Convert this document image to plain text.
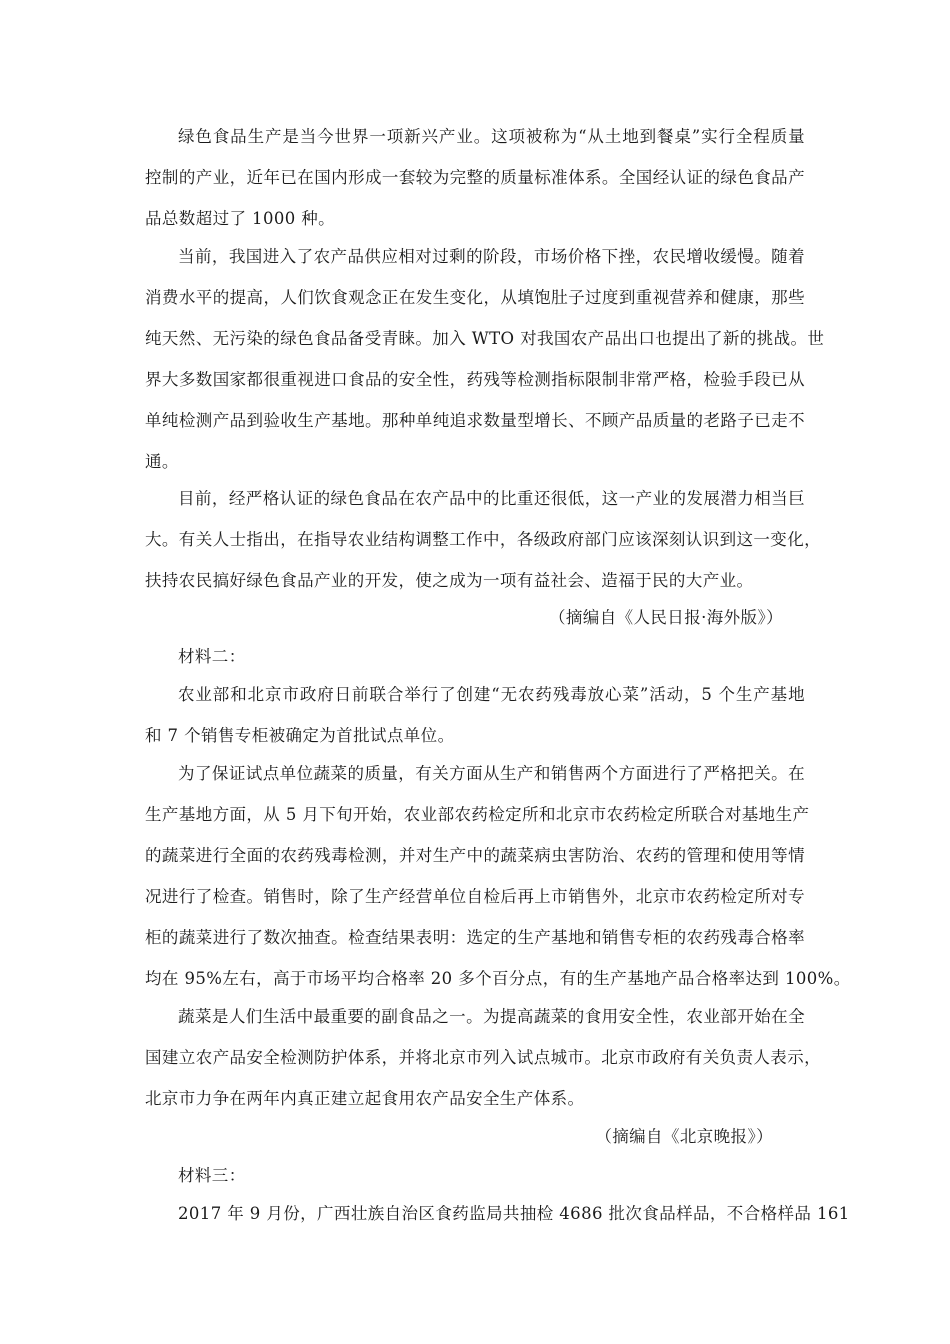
绿色食品生产是当今世界一项新兴产业。这项被称为“从土地到餐桌”实行全程质量
控制的产业，近年已在国内形成一套较为完整的质量标准体系。全国经认证的绿色食品产
品总数超过了 1000 种。
当前，我国进入了农产品供应相对过剩的阶段，市场价格下挫，农民增收缓慢。随着
消费水平的提高，人们饮食观念正在发生变化，从填饱肚子过度到重视营养和健康，那些
纯天然、无污染的绿色食品备受青睐。加入 WTO 对我国农产品出口也提出了新的挑战。世
界大多数国家都很重视进口食品的安全性，药残等检测指标限制非常严格，检验手段已从
单纯检测产品到验收生产基地。那种单纯追求数量型增长、不顾产品质量的老路子已走不
通。
目前，经严格认证的绿色食品在农产品中的比重还很低，这一产业的发展潜力相当巨
大。有关人士指出，在指导农业结构调整工作中，各级政府部门应该深刻认识到这一变化，
扶持农民搞好绿色食品产业的开发，使之成为一项有益社会、造福于民的大产业。
（摘编自《人民日报·海外版》）
材料二：
农业部和北京市政府日前联合举行了创建“无农药残毒放心菜”活动，5 个生产基地
和 7 个销售专柜被确定为首批试点单位。
为了保证试点单位蔬菜的质量，有关方面从生产和销售两个方面进行了严格把关。在
生产基地方面，从 5 月下旬开始，农业部农药检定所和北京市农药检定所联合对基地生产
的蔬菜进行全面的农药残毒检测，并对生产中的蔬菜病虫害防治、农药的管理和使用等情
况进行了检查。销售时，除了生产经营单位自检后再上市销售外，北京市农药检定所对专
柜的蔬菜进行了数次抽查。检查结果表明：选定的生产基地和销售专柜的农药残毒合格率
均在 95%左右，高于市场平均合格率 20 多个百分点，有的生产基地产品合格率达到 100%。
蔬菜是人们生活中最重要的副食品之一。为提高蔬菜的食用安全性，农业部开始在全
国建立农产品安全检测防护体系，并将北京市列入试点城市。北京市政府有关负责人表示，
北京市力争在两年内真正建立起食用农产品安全生产体系。
（摘编自《北京晚报》）
材料三：
2017 年 9 月份，广西壮族自治区食药监局共抽检 4686 批次食品样品，不合格样品 161
